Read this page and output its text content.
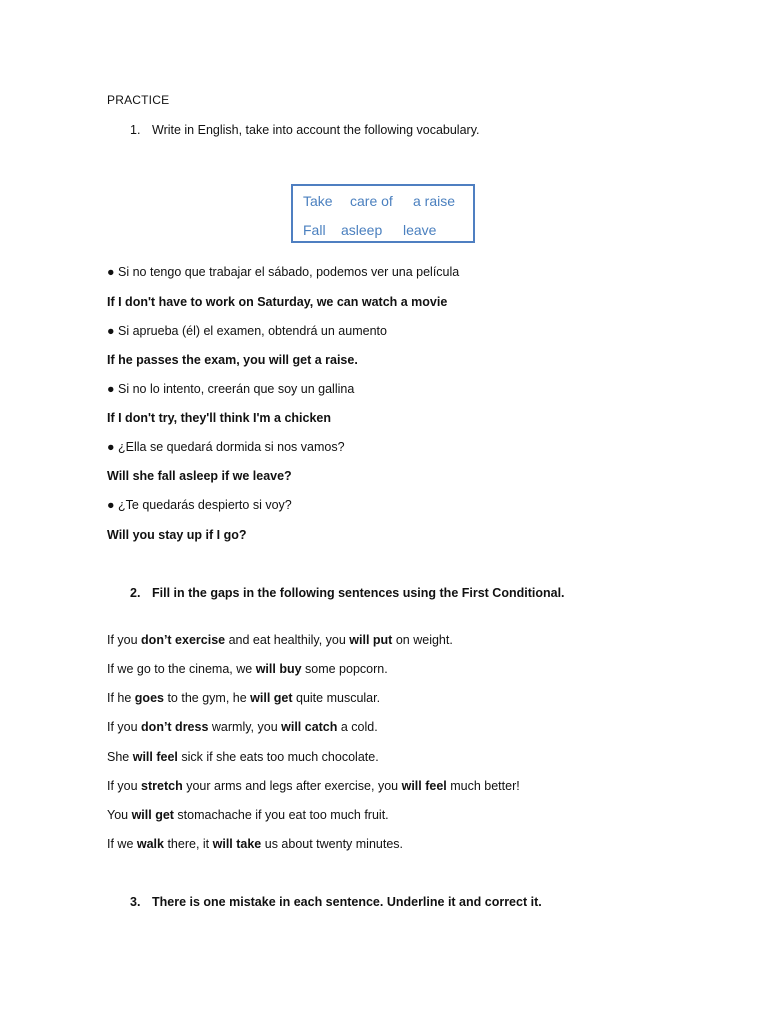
PRACTICE
1. Write in English, take into account the following vocabulary.
Take care of a raise
Fall asleep leave
● Si no tengo que trabajar el sábado, podemos ver una película
If I don't have to work on Saturday, we can watch a movie
● Si aprueba (él) el examen, obtendrá un aumento
If he passes the exam, you will get a raise.
● Si no lo intento, creerán que soy un gallina
If I don't try, they'll think I'm a chicken
● ¿Ella se quedará dormida si nos vamos?
Will she fall asleep if we leave?
● ¿Te quedarás despierto si voy?
Will you stay up if I go?
2. Fill in the gaps in the following sentences using the First Conditional.
If you don’t exercise and eat healthily, you will put on weight.
If we go to the cinema, we will buy some popcorn.
If he goes to the gym, he will get quite muscular.
If you don’t dress warmly, you will catch a cold.
She will feel sick if she eats too much chocolate.
If you stretch your arms and legs after exercise, you will feel much better!
You will get stomachache if you eat too much fruit.
If we walk there, it will take us about twenty minutes.
3. There is one mistake in each sentence. Underline it and correct it.
